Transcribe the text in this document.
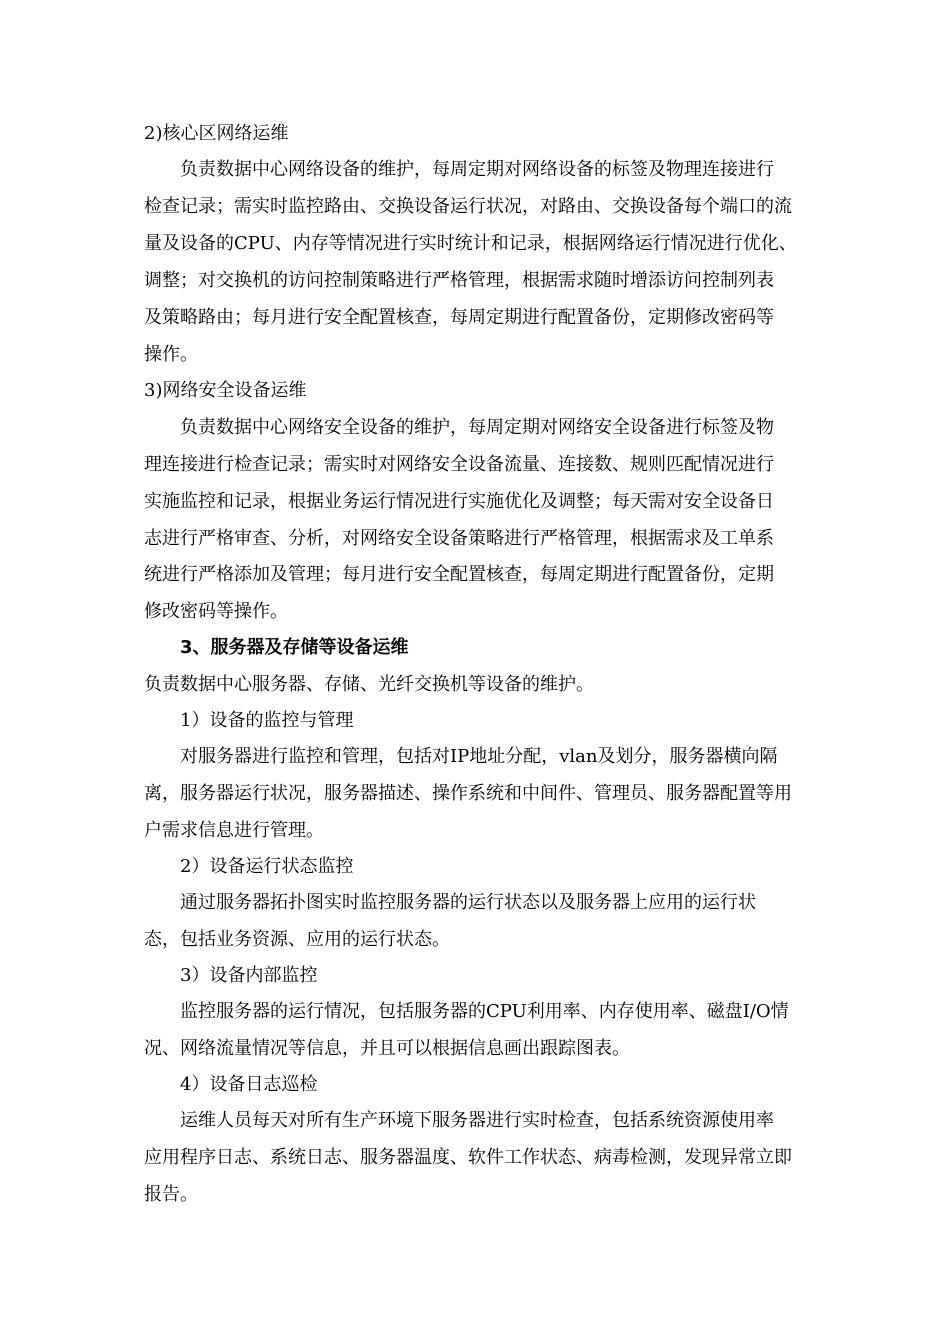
2)核心区网络运维

负责数据中心网络设备的维护，每周定期对网络设备的标签及物理连接进行

检查记录；需实时监控路由、交换设备运行状况，对路由、交换设备每个端口的流

量及设备的CPU、内存等情况进行实时统计和记录，根据网络运行情况进行优化、

调整；对交换机的访问控制策略进行严格管理，根据需求随时增添访问控制列表

及策略路由；每月进行安全配置核查，每周定期进行配置备份，定期修改密码等

操作。

3)网络安全设备运维

负责数据中心网络安全设备的维护，每周定期对网络安全设备进行标签及物

理连接进行检查记录；需实时对网络安全设备流量、连接数、规则匹配情况进行

实施监控和记录，根据业务运行情况进行实施优化及调整；每天需对安全设备日

志进行严格审查、分析，对网络安全设备策略进行严格管理，根据需求及工单系

统进行严格添加及管理；每月进行安全配置核查，每周定期进行配置备份，定期

修改密码等操作。

3、服务器及存储等设备运维

负责数据中心服务器、存储、光纤交换机等设备的维护。

1）设备的监控与管理

对服务器进行监控和管理，包括对IP地址分配，vlan及划分，服务器横向隔

离，服务器运行状况，服务器描述、操作系统和中间件、管理员、服务器配置等用

户需求信息进行管理。

2）设备运行状态监控

通过服务器拓扑图实时监控服务器的运行状态以及服务器上应用的运行状

态，包括业务资源、应用的运行状态。

3）设备内部监控

监控服务器的运行情况，包括服务器的CPU利用率、内存使用率、磁盘I/O情

况、网络流量情况等信息，并且可以根据信息画出跟踪图表。

4）设备日志巡检

运维人员每天对所有生产环境下服务器进行实时检查，包括系统资源使用率

应用程序日志、系统日志、服务器温度、软件工作状态、病毒检测，发现异常立即

报告。
